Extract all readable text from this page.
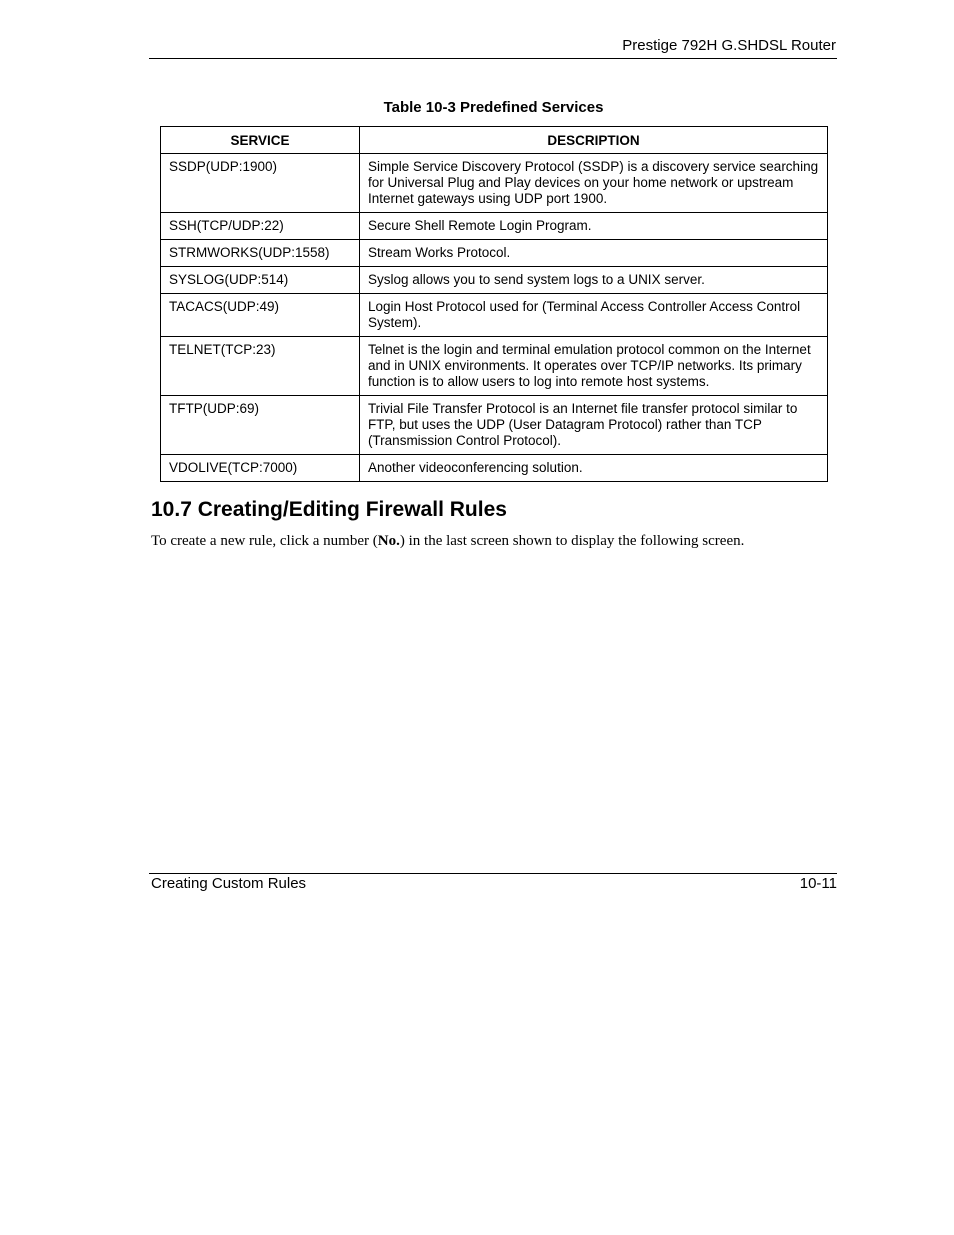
Prestige 792H G.SHDSL Router
Table 10-3 Predefined Services
SERVICE	DESCRIPTION
SSDP(UDP:1900)	Simple Service Discovery Protocol (SSDP) is a discovery service searching for Universal Plug and Play devices on your home network or upstream Internet gateways using UDP port 1900.
SSH(TCP/UDP:22)	Secure Shell Remote Login Program.
STRMWORKS(UDP:1558)	Stream Works Protocol.
SYSLOG(UDP:514)	Syslog allows you to send system logs to a UNIX server.
TACACS(UDP:49)	Login Host Protocol used for (Terminal Access Controller Access Control System).
TELNET(TCP:23)	Telnet is the login and terminal emulation protocol common on the Internet and in UNIX environments. It operates over TCP/IP networks. Its primary function is to allow users to log into remote host systems.
TFTP(UDP:69)	Trivial File Transfer Protocol is an Internet file transfer protocol similar to FTP, but uses the UDP (User Datagram Protocol) rather than TCP (Transmission Control Protocol).
VDOLIVE(TCP:7000)	Another videoconferencing solution.
10.7 Creating/Editing Firewall Rules
To create a new rule, click a number (No.) in the last screen shown to display the following screen.
Creating Custom Rules	10-11
